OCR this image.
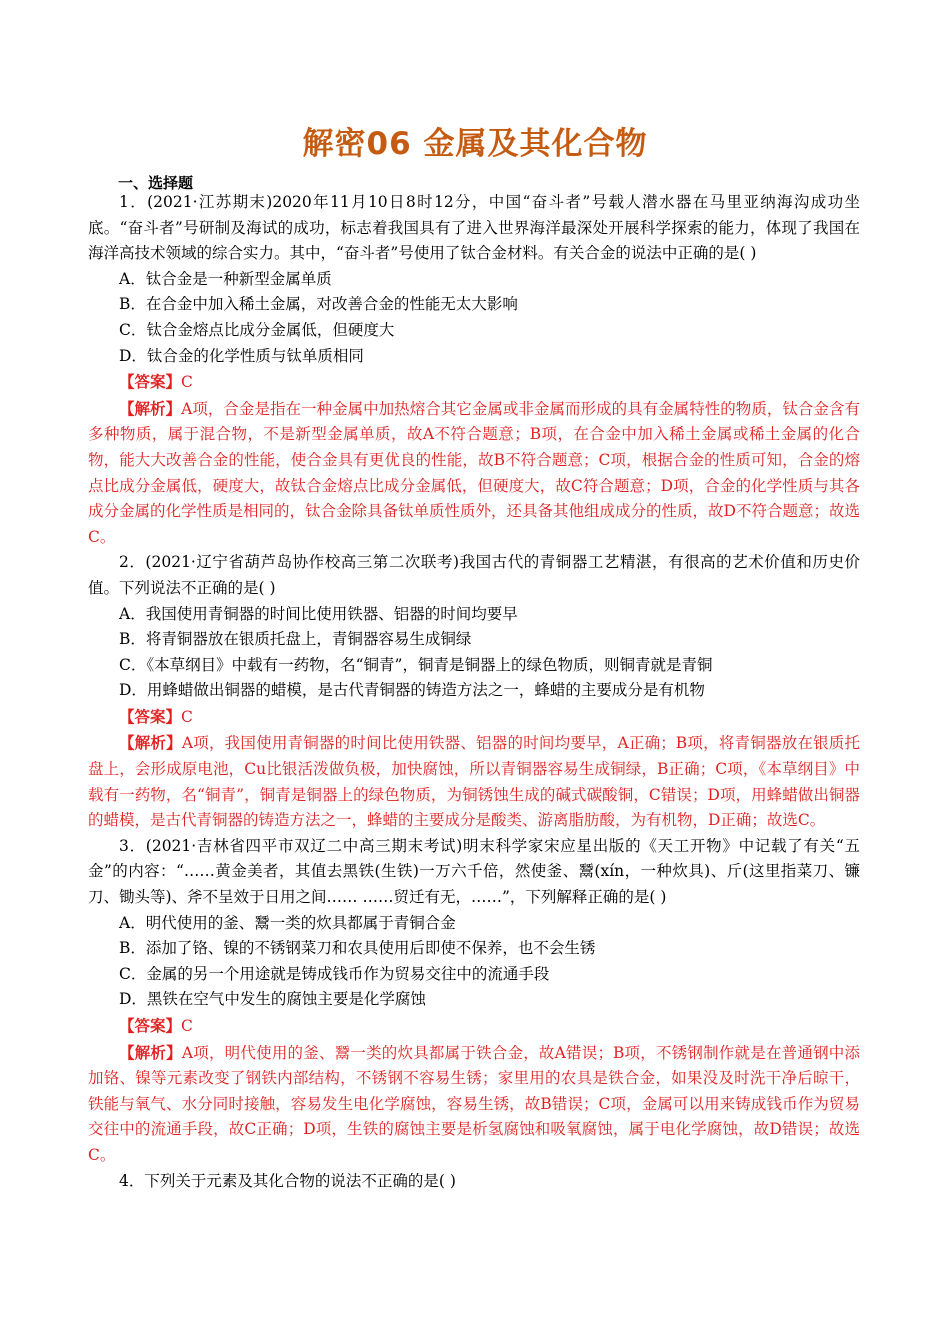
解密06 金属及其化合物
一、选择题

1．(2021·江苏期末)2020年11月10日8时12分，中国“奋斗者”号载人潜水器在马里亚纳海沟成功坐底。“奋斗者”号研制及海试的成功，标志着我国具有了进入世界海洋最深处开展科学探索的能力，体现了我国在海洋高技术领域的综合实力。其中，“奋斗者”号使用了钛合金材料。有关合金的说法中正确的是( )

A．钛合金是一种新型金属单质

B．在合金中加入稀土金属，对改善合金的性能无太大影响

C．钛合金熔点比成分金属低，但硬度大

D．钛合金的化学性质与钛单质相同

【答案】C

【解析】A项，合金是指在一种金属中加热熔合其它金属或非金属而形成的具有金属特性的物质，钛合金含有多种物质，属于混合物，不是新型金属单质，故A不符合题意；B项，在合金中加入稀土金属或稀土金属的化合物，能大大改善合金的性能，使合金具有更优良的性能，故B不符合题意；C项，根据合金的性质可知，合金的熔点比成分金属低，硬度大，故钛合金熔点比成分金属低，但硬度大，故C符合题意；D项，合金的化学性质与其各成分金属的化学性质是相同的，钛合金除具备钛单质性质外，还具备其他组成成分的性质，故D不符合题意；故选C。

2．(2021·辽宁省葫芦岛协作校高三第二次联考)我国古代的青铜器工艺精湛，有很高的艺术价值和历史价值。下列说法不正确的是( )

A．我国使用青铜器的时间比使用铁器、铝器的时间均要早

B．将青铜器放在银质托盘上，青铜器容易生成铜绿

C．《本草纲目》中载有一药物，名“铜青”，铜青是铜器上的绿色物质，则铜青就是青铜

D．用蜂蜡做出铜器的蜡模，是古代青铜器的铸造方法之一，蜂蜡的主要成分是有机物

【答案】C

【解析】A项，我国使用青铜器的时间比使用铁器、铝器的时间均要早，A正确；B项，将青铜器放在银质托盘上，会形成原电池，Cu比银活泼做负极，加快腐蚀，所以青铜器容易生成铜绿，B正确；C项，《本草纲目》中载有一药物，名“铜青”，铜青是铜器上的绿色物质，为铜锈蚀生成的碱式碳酸铜，C错误；D项，用蜂蜡做出铜器的蜡模，是古代青铜器的铸造方法之一，蜂蜡的主要成分是酸类、游离脂肪酸，为有机物，D正确；故选C。

3．(2021·吉林省四平市双辽二中高三期末考试)明末科学家宋应星出版的《天工开物》中记载了有关“五金”的内容：“……黄金美者，其值去黑铁(生铁)一万六千倍，然使釜、鬵(xín，一种炊具)、斤(这里指菜刀、镰刀、锄头等)、斧不呈效于日用之间…… ……贸迁有无，……”，下列解释正确的是( )

A．明代使用的釜、鬵一类的炊具都属于青铜合金

B．添加了铬、镍的不锈钢菜刀和农具使用后即使不保养，也不会生锈

C．金属的另一个用途就是铸成钱币作为贸易交往中的流通手段

D．黑铁在空气中发生的腐蚀主要是化学腐蚀

【答案】C

【解析】A项，明代使用的釜、鬵一类的炊具都属于铁合金，故A错误；B项，不锈钢制作就是在普通钢中添加铬、镍等元素改变了钢铁内部结构，不锈钢不容易生锈；家里用的农具是铁合金，如果没及时洗干净后晾干，铁能与氧气、水分同时接触，容易发生电化学腐蚀，容易生锈，故B错误；C项，金属可以用来铸成钱币作为贸易交往中的流通手段，故C正确；D项，生铁的腐蚀主要是析氢腐蚀和吸氧腐蚀，属于电化学腐蚀，故D错误；故选C。

4．下列关于元素及其化合物的说法不正确的是( )
